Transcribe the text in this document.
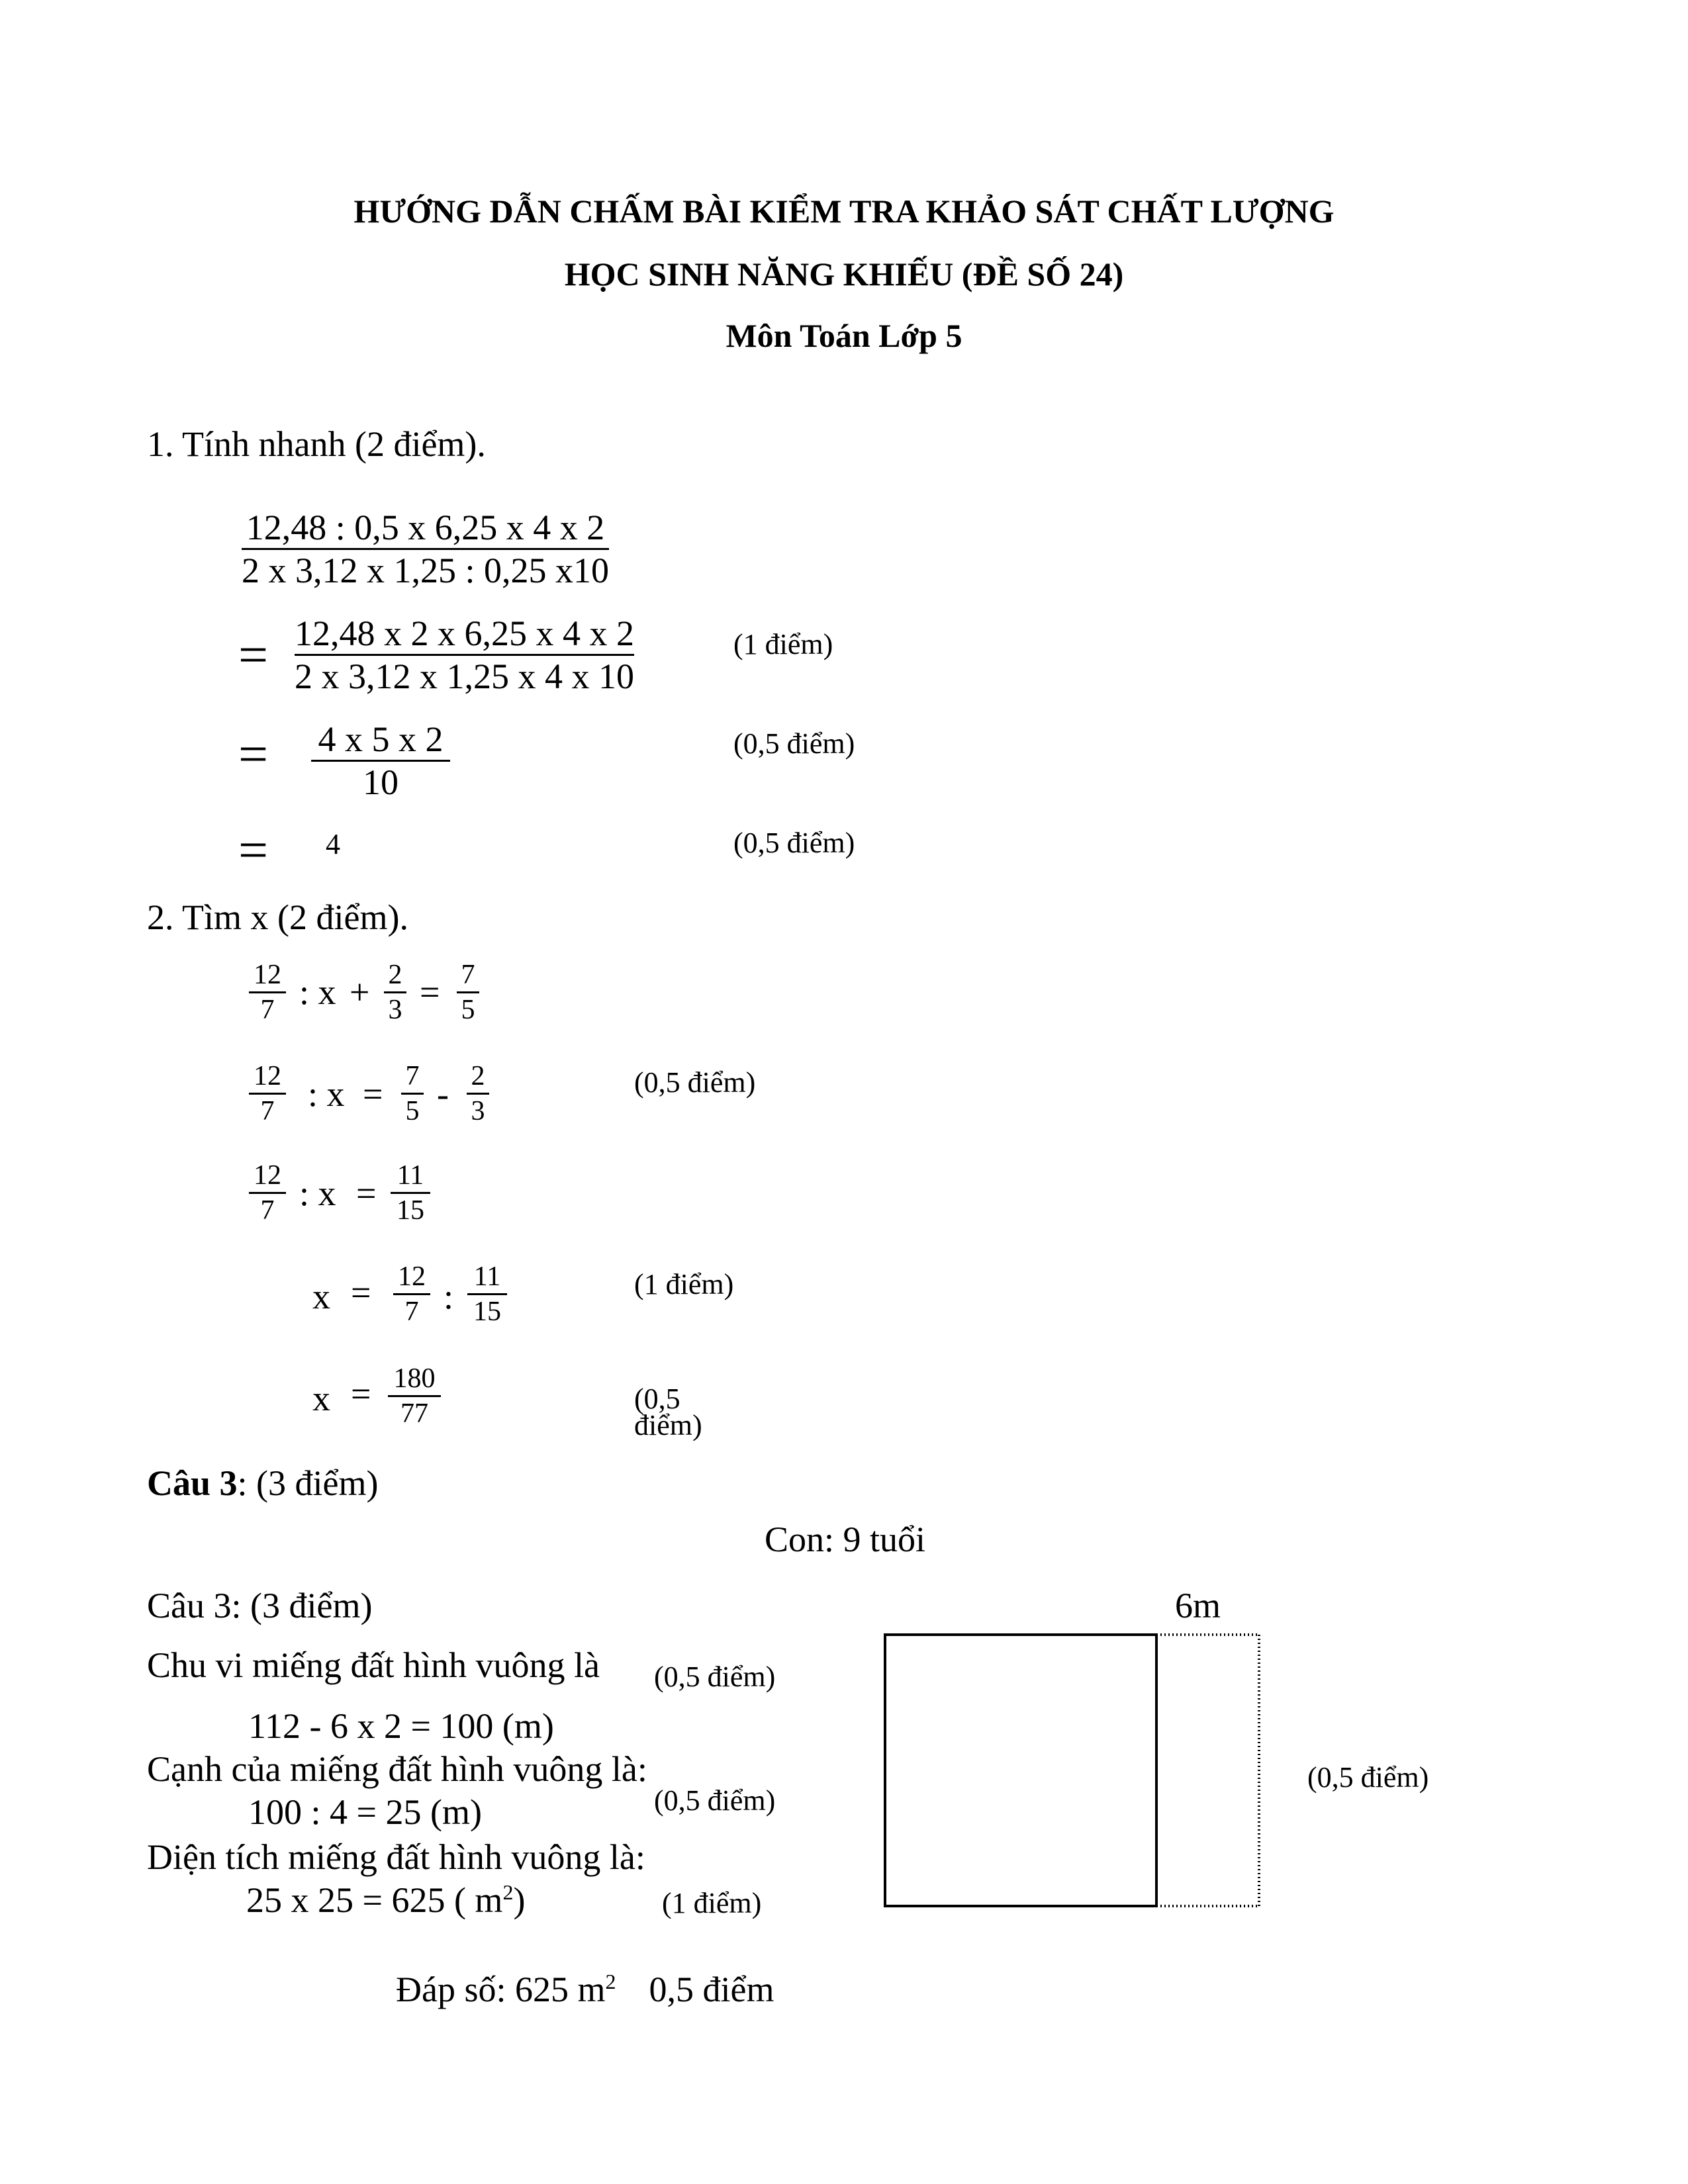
HƯỚNG DẪN CHẤM BÀI KIỂM TRA KHẢO SÁT CHẤT LƯỢNG
HỌC SINH NĂNG KHIẾU (ĐỀ SỐ 24)
Môn Toán Lớp 5
1. Tính nhanh (2 điểm).
12,48 : 0,5 x 6,25 x 4 x 2
2 x 3,12 x 1,25 : 0,25 x10
= 12,48 x 2 x 6,25 x 4 x 2
2 x 3,12 x 1,25 x 4 x 10
(1 điểm)
= 4 x 5 x 2
10
(0,5 điểm)
= 4	(0,5 điểm)
2. Tìm x (2 điểm).
12
7 : x + 2
3 = 7
5
12
7 : x = 7
5 - 2
3
(0,5 điểm)
12
7 : x = 11
15
x = 12
7 : 11
15
(1 điểm)
x = 180
77	(0,5
điểm)
Câu 3: (3 điểm)
Con: 9 tuổi
Câu 3: (3 điểm)	6m
Chu vi miếng đất hình vuông là (0,5 điểm)
112 - 6 x 2 = 100 (m)
Cạnh của miếng đất hình vuông là:
100 : 4 = 25 (m)	(0,5 điểm)
Diện tích miếng đất hình vuông là:
25 x 25 = 625 ( $m^2$)	(1 điểm)
(0,5 điểm)
Đáp số: 625 $m^2$ 0,5 điểm
